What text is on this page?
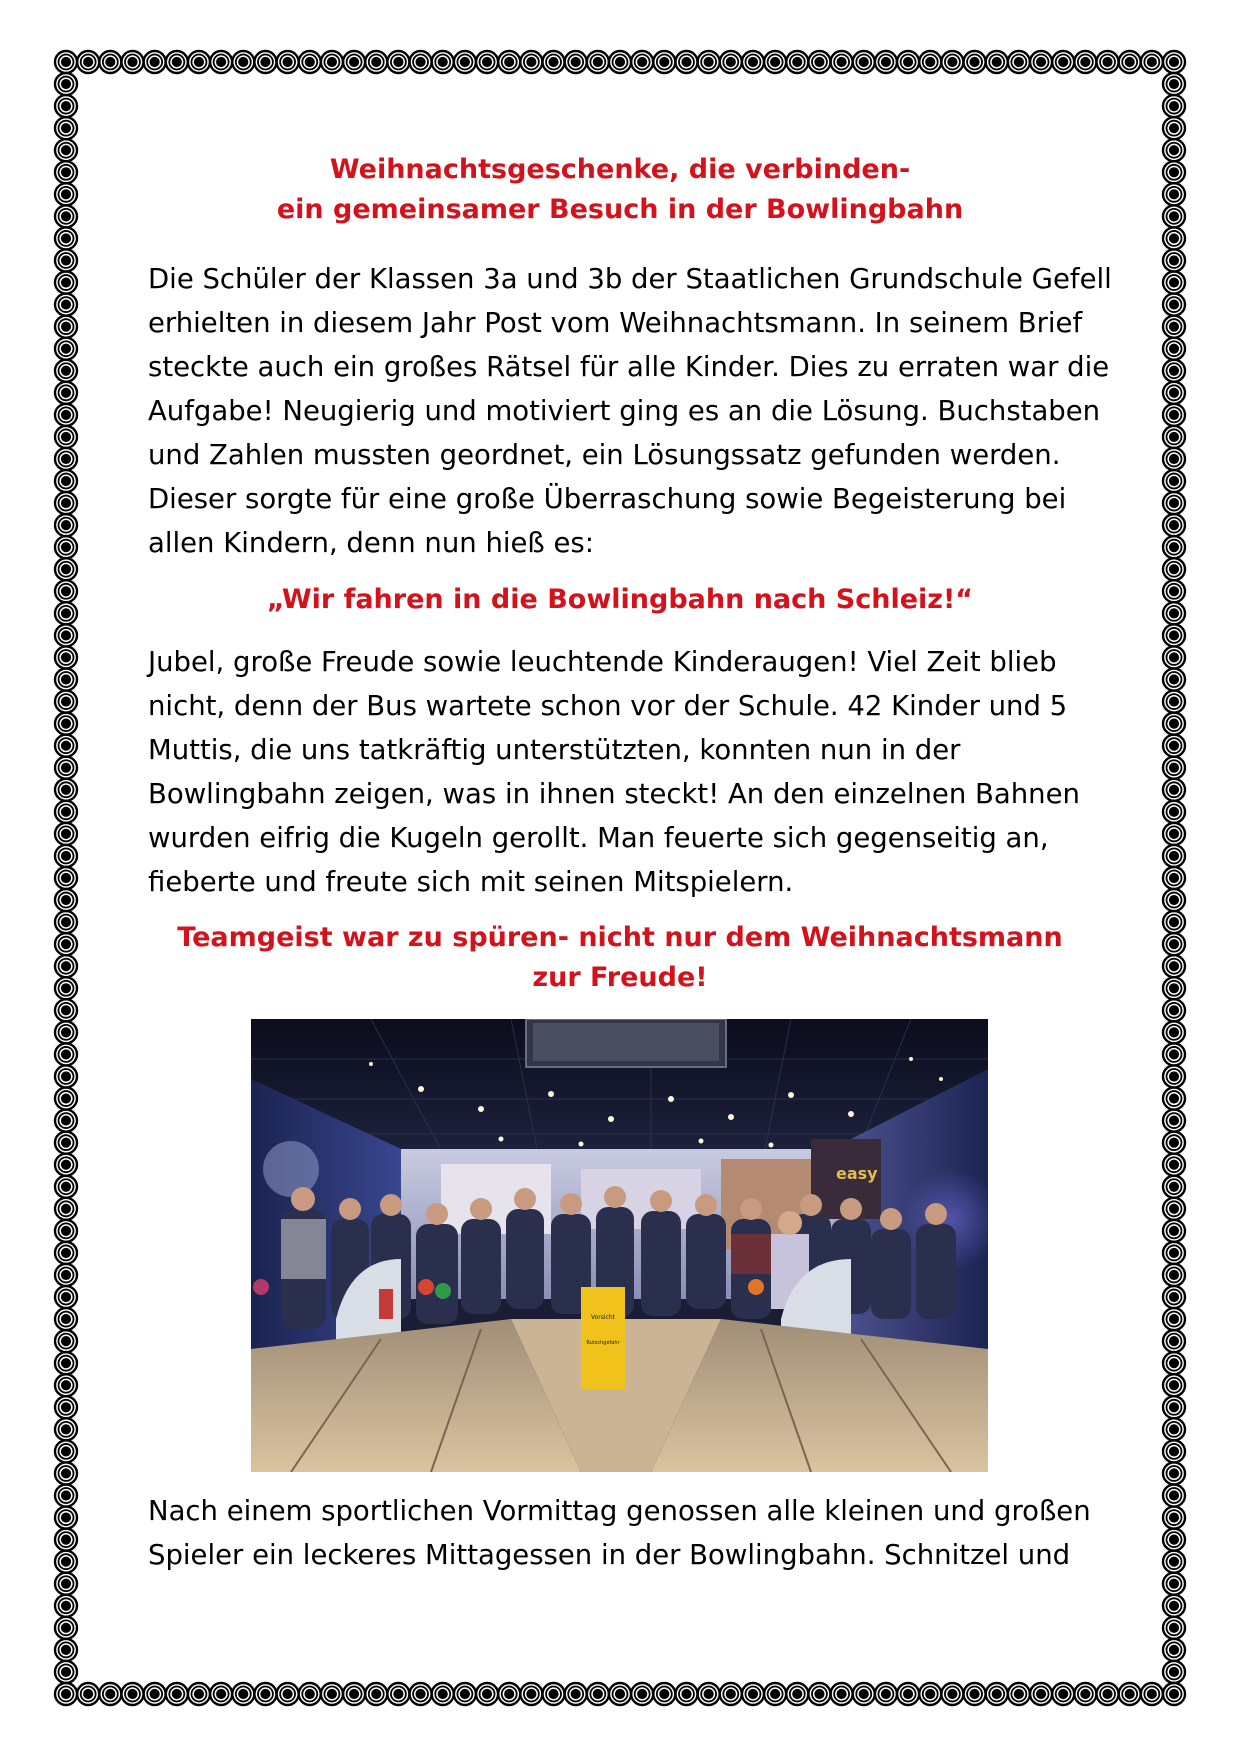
Weihnachtsgeschenke, die verbinden-
ein gemeinsamer Besuch in der Bowlingbahn

Die Schüler der Klassen 3a und 3b der Staatlichen Grundschule Gefell
erhielten in diesem Jahr Post vom Weihnachtsmann. In seinem Brief
steckte auch ein großes Rätsel für alle Kinder. Dies zu erraten war die
Aufgabe! Neugierig und motiviert ging es an die Lösung. Buchstaben
und Zahlen mussten geordnet, ein Lösungssatz gefunden werden.
Dieser sorgte für eine große Überraschung sowie Begeisterung bei
allen Kindern, denn nun hieß es:

„Wir fahren in die Bowlingbahn nach Schleiz!“

Jubel, große Freude sowie leuchtende Kinderaugen! Viel Zeit blieb
nicht, denn der Bus wartete schon vor der Schule. 42 Kinder und 5
Muttis, die uns tatkräftig unterstützten, konnten nun in der
Bowlingbahn zeigen, was in ihnen steckt! An den einzelnen Bahnen
wurden eifrig die Kugeln gerollt. Man feuerte sich gegenseitig an,
fieberte und freute sich mit seinen Mitspielern.

Teamgeist war zu spüren- nicht nur dem Weihnachtsmann
zur Freude!
easy
Vorsicht
Rutschgefahr

Nach einem sportlichen Vormittag genossen alle kleinen und großen
Spieler ein leckeres Mittagessen in der Bowlingbahn. Schnitzel und
